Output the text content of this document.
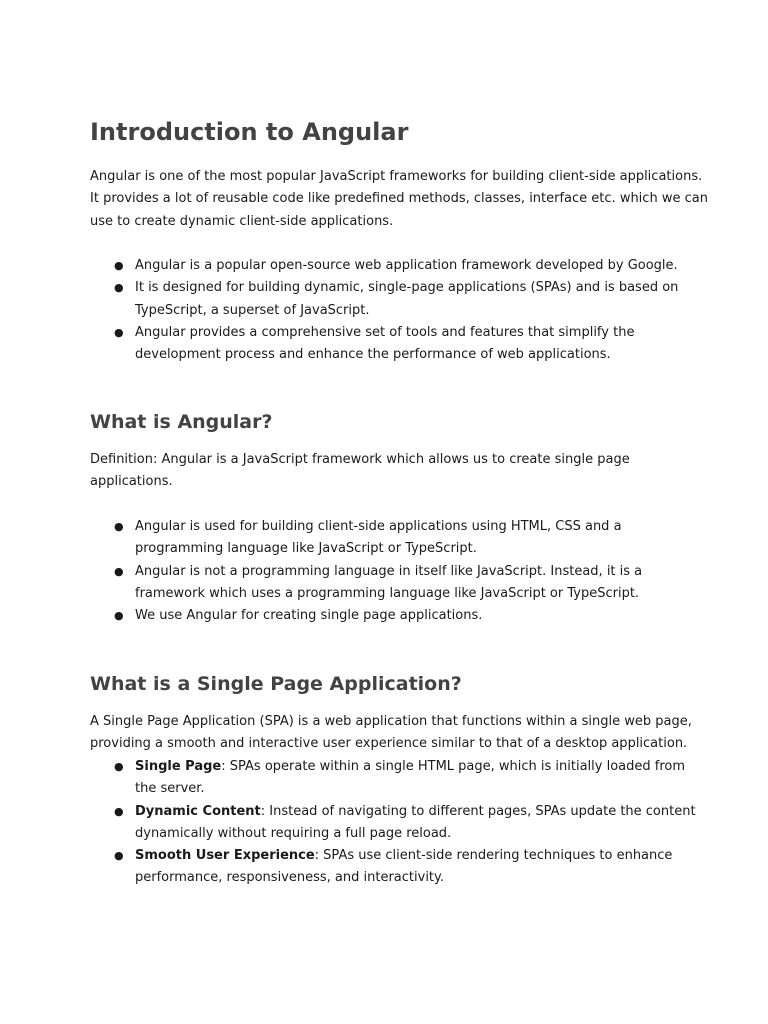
Introduction to Angular

Angular is one of the most popular JavaScript frameworks for building client-side applications.
It provides a lot of reusable code like predefined methods, classes, interface etc. which we can
use to create dynamic client-side applications.

● Angular is a popular open-source web application framework developed by Google.
● It is designed for building dynamic, single-page applications (SPAs) and is based on
TypeScript, a superset of JavaScript.
● Angular provides a comprehensive set of tools and features that simplify the
development process and enhance the performance of web applications.
What is Angular?

Definition: Angular is a JavaScript framework which allows us to create single page
applications.

● Angular is used for building client-side applications using HTML, CSS and a
programming language like JavaScript or TypeScript.
● Angular is not a programming language in itself like JavaScript. Instead, it is a
framework which uses a programming language like JavaScript or TypeScript.
● We use Angular for creating single page applications.
What is a Single Page Application?

A Single Page Application (SPA) is a web application that functions within a single web page,
providing a smooth and interactive user experience similar to that of a desktop application.

● Single Page: SPAs operate within a single HTML page, which is initially loaded from
the server.
● Dynamic Content: Instead of navigating to different pages, SPAs update the content
dynamically without requiring a full page reload.
● Smooth User Experience: SPAs use client-side rendering techniques to enhance
performance, responsiveness, and interactivity.
